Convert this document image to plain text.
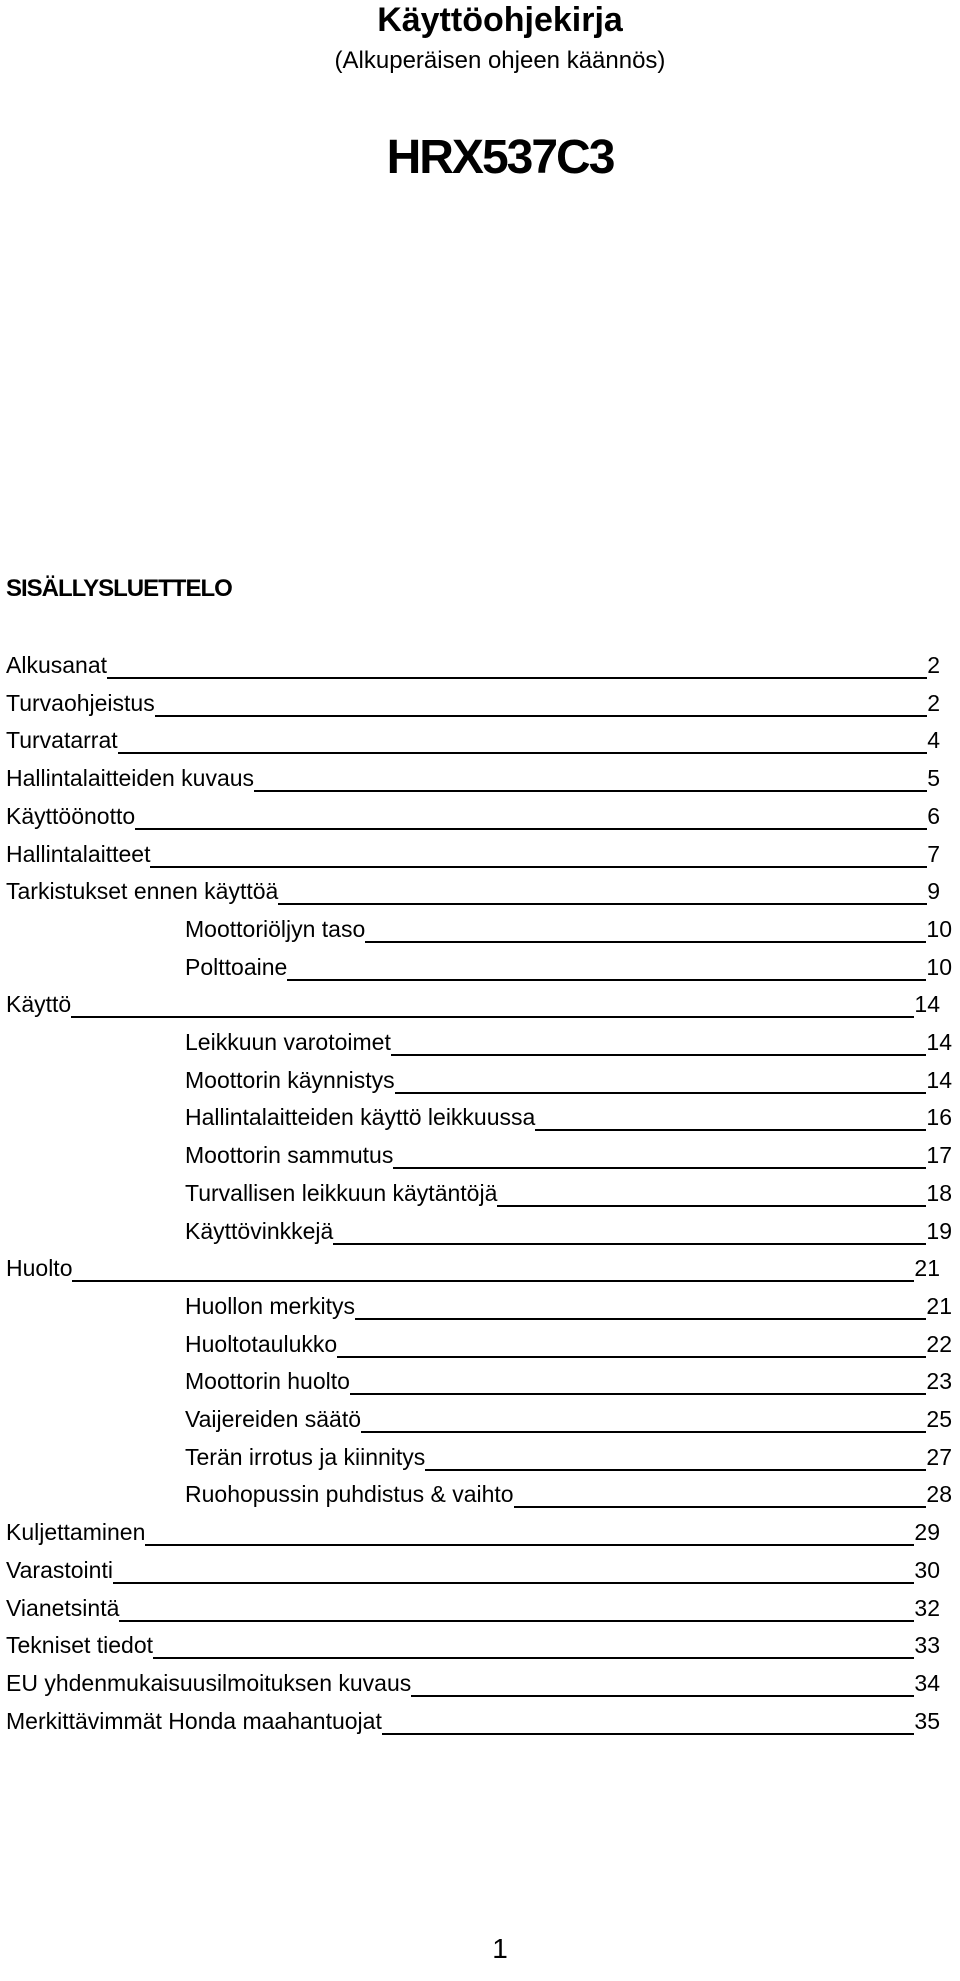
Käyttöohjekirja
(Alkuperäisen ohjeen käännös)
HRX537C3
SISÄLLYSLUETTELO
Alkusanat	2
Turvaohjeistus	2
Turvatarrat	4
Hallintalaitteiden kuvaus	5
Käyttöönotto	6
Hallintalaitteet	7
Tarkistukset ennen käyttöä	9
Moottoriöljyn taso	10
Polttoaine	10
Käyttö	14
Leikkuun varotoimet	14
Moottorin käynnistys	14
Hallintalaitteiden käyttö leikkuussa	16
Moottorin sammutus	17
Turvallisen leikkuun käytäntöjä	18
Käyttövinkkejä	19
Huolto	21
Huollon merkitys	21
Huoltotaulukko	22
Moottorin huolto	23
Vaijereiden säätö	25
Terän irrotus ja kiinnitys	27
Ruohopussin puhdistus & vaihto	28
Kuljettaminen	29
Varastointi	30
Vianetsintä	32
Tekniset tiedot	33
EU yhdenmukaisuusilmoituksen kuvaus	34
Merkittävimmät Honda maahantuojat	35
1
